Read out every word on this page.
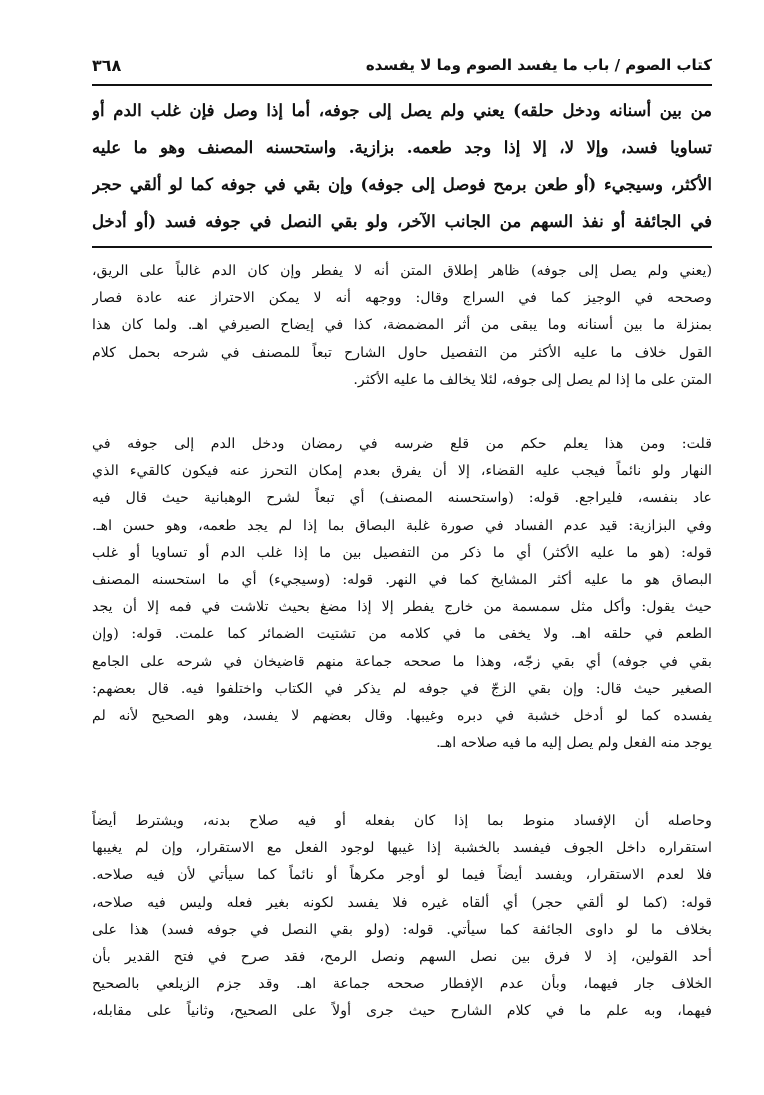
كتاب الصوم / باب ما يفسد الصوم وما لا يفسده
٣٦٨
من بين أسنانه ودخل حلقه) يعني ولم يصل إلى جوفه، أما إذا وصل فإن غلب الدم أو
تساويا فسد، وإلا لا، إلا إذا وجد طعمه. بزازية. واستحسنه المصنف وهو ما عليه
الأكثر، وسيجيء (أو طعن برمح فوصل إلى جوفه) وإن بقي في جوفه كما لو ألقي حجر
في الجائفة أو نفذ السهم من الجانب الآخر، ولو بقي النصل في جوفه فسد (أو أدخل
(يعني ولم يصل إلى جوفه) ظاهر إطلاق المتن أنه لا يفطر وإن كان الدم غالباً على الريق،
وصححه في الوجيز كما في السراج وقال: ووجهه أنه لا يمكن الاحتراز عنه عادة فصار
بمنزلة ما بين أسنانه وما يبقى من أثر المضمضة، كذا في إيضاح الصيرفي اهـ. ولما كان هذا
القول خلاف ما عليه الأكثر من التفصيل حاول الشارح تبعاً للمصنف في شرحه بحمل كلام
المتن على ما إذا لم يصل إلى جوفه، لئلا يخالف ما عليه الأكثر.
قلت: ومن هذا يعلم حكم من قلع ضرسه في رمضان ودخل الدم إلى جوفه في
النهار ولو نائماً فيجب عليه القضاء، إلا أن يفرق بعدم إمكان التحرز عنه فيكون كالقيء الذي
عاد بنفسه، فليراجع. قوله: (واستحسنه المصنف) أي تبعاً لشرح الوهبانية حيث قال فيه
وفي البزازية: قيد عدم الفساد في صورة غلبة البصاق بما إذا لم يجد طعمه، وهو حسن اهـ.
قوله: (هو ما عليه الأكثر) أي ما ذكر من التفصيل بين ما إذا غلب الدم أو تساويا أو غلب
البصاق هو ما عليه أكثر المشايخ كما في النهر. قوله: (وسيجيء) أي ما استحسنه المصنف
حيث يقول: وأكل مثل سمسمة من خارج يفطر إلا إذا مضغ بحيث تلاشت في فمه إلا أن يجد
الطعم في حلقه اهـ. ولا يخفى ما في كلامه من تشتيت الضمائر كما علمت. قوله: (وإن
بقي في جوفه) أي بقي زجّه، وهذا ما صححه جماعة منهم قاضيخان في شرحه على الجامع
الصغير حيث قال: وإن بقي الزجّ في جوفه لم يذكر في الكتاب واختلفوا فيه. قال بعضهم:
يفسده كما لو أدخل خشبة في دبره وغيبها. وقال بعضهم لا يفسد، وهو الصحيح لأنه لم
يوجد منه الفعل ولم يصل إليه ما فيه صلاحه اهـ.
وحاصله أن الإفساد منوط بما إذا كان بفعله أو فيه صلاح بدنه، ويشترط أيضاً
استقراره داخل الجوف فيفسد بالخشبة إذا غيبها لوجود الفعل مع الاستقرار، وإن لم يغيبها
فلا لعدم الاستقرار، ويفسد أيضاً فيما لو أوجر مكرهاً أو نائماً كما سيأتي لأن فيه صلاحه.
قوله: (كما لو ألقي حجر) أي ألقاه غيره فلا يفسد لكونه بغير فعله وليس فيه صلاحه،
بخلاف ما لو داوى الجائفة كما سيأتي. قوله: (ولو بقي النصل في جوفه فسد) هذا على
أحد القولين، إذ لا فرق بين نصل السهم ونصل الرمح، فقد صرح في فتح القدير بأن
الخلاف جار فيهما، وبأن عدم الإفطار صححه جماعة اهـ. وقد جزم الزيلعي بالصحيح
فيهما، وبه علم ما في كلام الشارح حيث جرى أولاً على الصحيح، وثانياً على مقابله،
